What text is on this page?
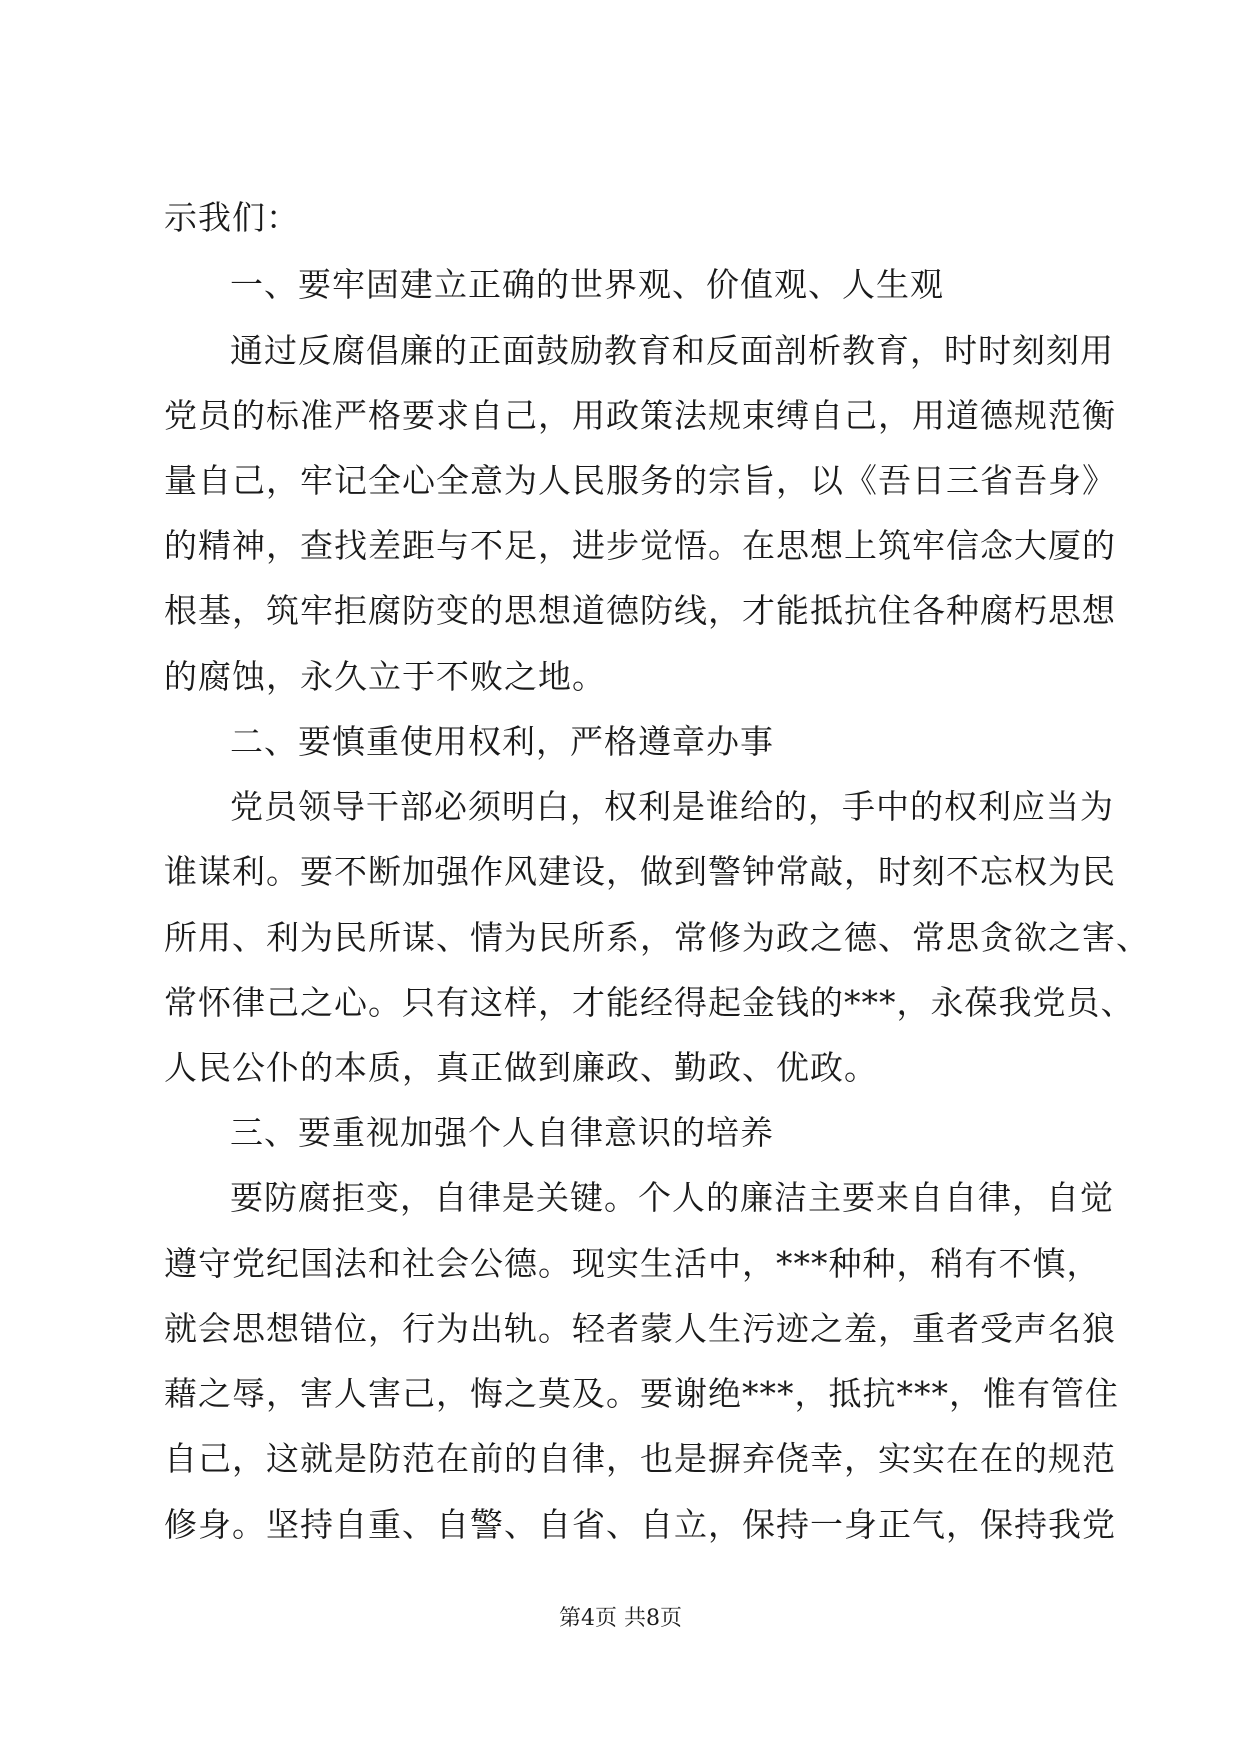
示我们：
一、要牢固建立正确的世界观、价值观、人生观
通过反腐倡廉的正面鼓励教育和反面剖析教育，时时刻刻用
党员的标准严格要求自己，用政策法规束缚自己，用道德规范衡
量自己，牢记全心全意为人民服务的宗旨，以《吾日三省吾身》
的精神，查找差距与不足，进步觉悟。在思想上筑牢信念大厦的
根基，筑牢拒腐防变的思想道德防线，才能抵抗住各种腐朽思想
的腐蚀，永久立于不败之地。
二、要慎重使用权利，严格遵章办事
党员领导干部必须明白，权利是谁给的，手中的权利应当为
谁谋利。要不断加强作风建设，做到警钟常敲，时刻不忘权为民
所用、利为民所谋、情为民所系，常修为政之德、常思贪欲之害、
常怀律己之心。只有这样，才能经得起金钱的***，永葆我党员、
人民公仆的本质，真正做到廉政、勤政、优政。
三、要重视加强个人自律意识的培养
要防腐拒变，自律是关键。个人的廉洁主要来自自律，自觉
遵守党纪国法和社会公德。现实生活中，***种种，稍有不慎，
就会思想错位，行为出轨。轻者蒙人生污迹之羞，重者受声名狼
藉之辱，害人害己，悔之莫及。要谢绝***，抵抗***，惟有管住
自己，这就是防范在前的自律，也是摒弃侥幸，实实在在的规范
修身。坚持自重、自警、自省、自立，保持一身正气，保持我党
第4页 共8页
